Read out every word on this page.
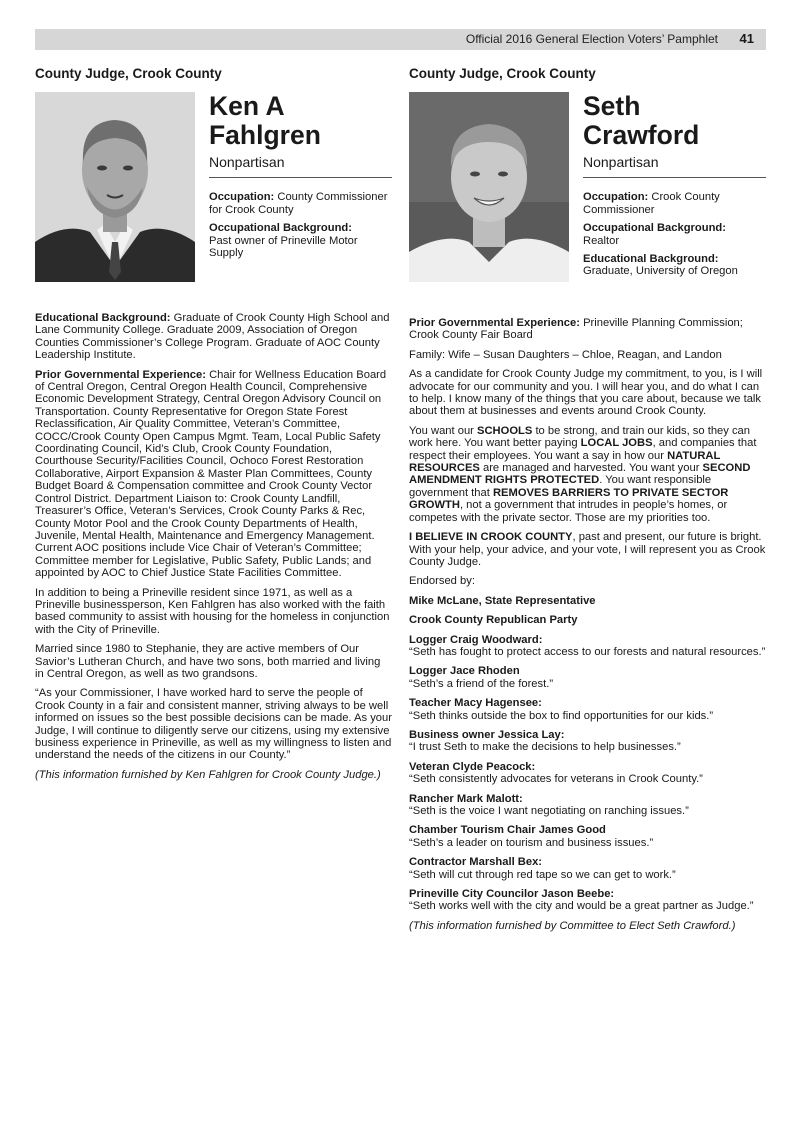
Official 2016 General Election Voters’ Pamphlet 41
County Judge, Crook County
Ken A
Fahlgren
Nonpartisan

Occupation: County Commissioner for Crook County

Occupational Background:
Past owner of Prineville Motor Supply

Educational Background: Graduate of Crook County High School and Lane Community College. Graduate 2009, Association of Oregon Counties Commissioner’s College Program. Graduate of AOC County Leadership Institute.

Prior Governmental Experience: Chair for Wellness Education Board of Central Oregon, Central Oregon Health Council, Comprehensive Economic Development Strategy, Central Oregon Advisory Council on Transportation. County Representative for Oregon State Forest Reclassification, Air Quality Committee, Veteran’s Committee, COCC/Crook County Open Campus Mgmt. Team, Local Public Safety Coordinating Council, Kid’s Club, Crook County Foundation, Courthouse Security/Facilities Council, Ochoco Forest Restoration Collaborative, Airport Expansion & Master Plan Committees, County Budget Board & Compensation committee and Crook County Vector Control District. Department Liaison to: Crook County Landfill, Treasurer’s Office, Veteran’s Services, Crook County Parks & Rec, County Motor Pool and the Crook County Departments of Health, Juvenile, Mental Health, Maintenance and Emergency Management. Current AOC positions include Vice Chair of Veteran’s Committee; Committee member for Legislative, Public Safety, Public Lands; and appointed by AOC to Chief Justice State Facilities Committee.

In addition to being a Prineville resident since 1971, as well as a Prineville businessperson, Ken Fahlgren has also worked with the faith based community to assist with housing for the homeless in conjunction with the City of Prineville.

Married since 1980 to Stephanie, they are active members of Our Savior’s Lutheran Church, and have two sons, both married and living in Central Oregon, as well as two grandsons.

“As your Commissioner, I have worked hard to serve the people of Crook County in a fair and consistent manner, striving always to be well informed on issues so the best possible decisions can be made. As your Judge, I will continue to diligently serve our citizens, using my extensive business experience in Prineville, as well as my willingness to listen and understand the needs of the citizens in our County.”

(This information furnished by Ken Fahlgren for Crook County Judge.)

County Judge, Crook County
Seth
Crawford
Nonpartisan

Occupation: Crook County Commissioner

Occupational Background:
Realtor

Educational Background:
Graduate, University of Oregon

Prior Governmental Experience: Prineville Planning Commission; Crook County Fair Board

Family: Wife – Susan Daughters – Chloe, Reagan, and Landon

As a candidate for Crook County Judge my commitment, to you, is I will advocate for our community and you. I will hear you, and do what I can to help. I know many of the things that you care about, because we talk about them at businesses and events around Crook County.

You want our SCHOOLS to be strong, and train our kids, so they can work here. You want better paying LOCAL JOBS, and companies that respect their employees. You want a say in how our NATURAL RESOURCES are managed and harvested. You want your SECOND AMENDMENT RIGHTS PROTECTED. You want responsible government that REMOVES BARRIERS TO PRIVATE SECTOR GROWTH, not a government that intrudes in people’s homes, or competes with the private sector. Those are my priorities too.

I BELIEVE IN CROOK COUNTY, past and present, our future is bright. With your help, your advice, and your vote, I will represent you as Crook County Judge.

Endorsed by:

Mike McLane, State Representative

Crook County Republican Party

Logger Craig Woodward:
“Seth has fought to protect access to our forests and natural resources.”

Logger Jace Rhoden
“Seth’s a friend of the forest.”

Teacher Macy Hagensee:
“Seth thinks outside the box to find opportunities for our kids.”

Business owner Jessica Lay:
“I trust Seth to make the decisions to help businesses.”

Veteran Clyde Peacock:
“Seth consistently advocates for veterans in Crook County.”

Rancher Mark Malott:
“Seth is the voice I want negotiating on ranching issues.”

Chamber Tourism Chair James Good
“Seth’s a leader on tourism and business issues.”

Contractor Marshall Bex:
“Seth will cut through red tape so we can get to work.”

Prineville City Councilor Jason Beebe:
“Seth works well with the city and would be a great partner as Judge.”

(This information furnished by Committee to Elect Seth Crawford.)
